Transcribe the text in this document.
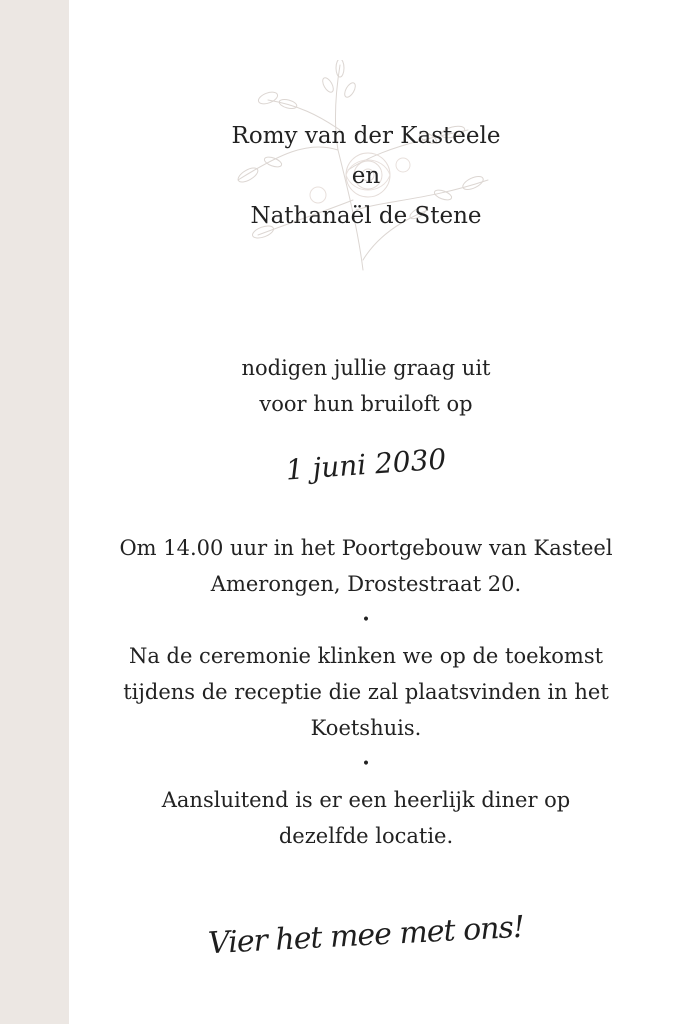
Romy van der Kasteele
en
Nathanaël de Stene
nodigen jullie graag uit
voor hun bruiloft op
1 juni 2030
Om 14.00 uur in het Poortgebouw van Kasteel
Amerongen, Drostestraat 20.
•
Na de ceremonie klinken we op de toekomst
tijdens de receptie die zal plaatsvinden in het
Koetshuis.
•
Aansluitend is er een heerlijk diner op
dezelfde locatie.
Vier het mee met ons!
